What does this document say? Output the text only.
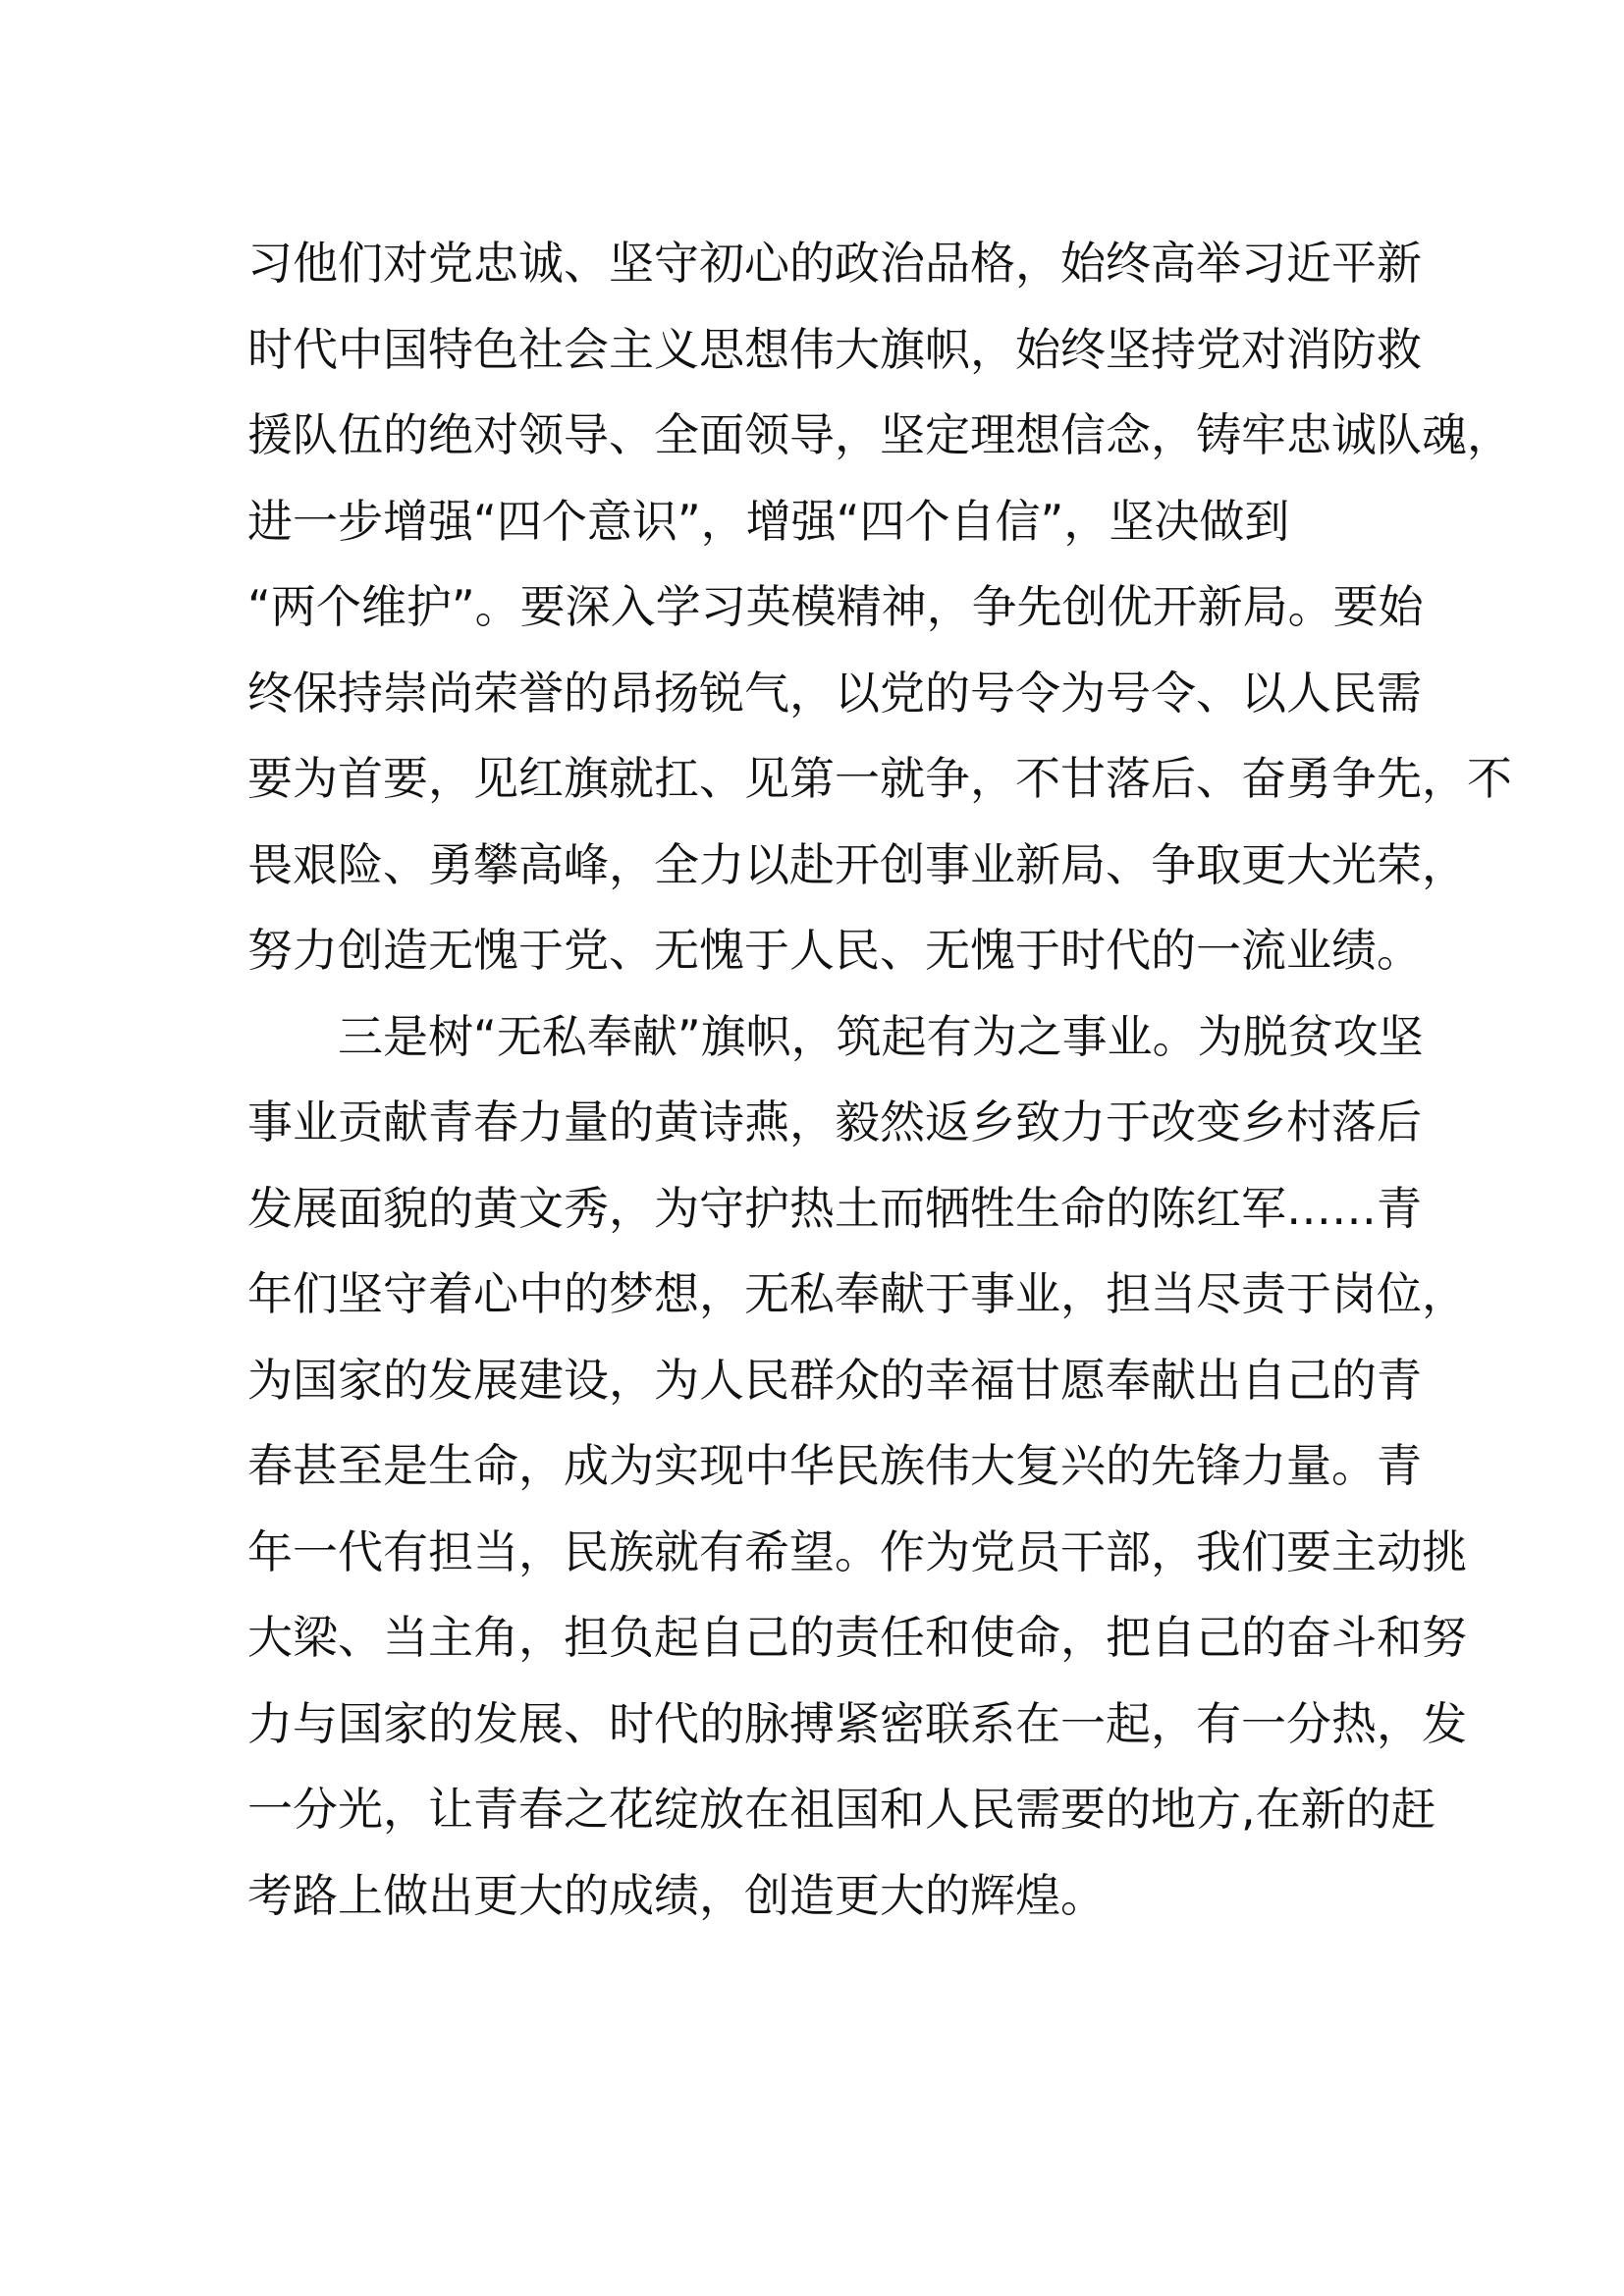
习他们对党忠诚、坚守初心的政治品格，始终高举习近平新
时代中国特色社会主义思想伟大旗帜，始终坚持党对消防救
援队伍的绝对领导、全面领导，坚定理想信念，铸牢忠诚队魂，
进一步增强“四个意识”，增强“四个自信”，坚决做到
“两个维护”。要深入学习英模精神，争先创优开新局。要始
终保持崇尚荣誉的昂扬锐气，以党的号令为号令、以人民需
要为首要，见红旗就扛、见第一就争，不甘落后、奋勇争先，不
畏艰险、勇攀高峰，全力以赴开创事业新局、争取更大光荣，
努力创造无愧于党、无愧于人民、无愧于时代的一流业绩。
三是树“无私奉献”旗帜，筑起有为之事业。为脱贫攻坚
事业贡献青春力量的黄诗燕，毅然返乡致力于改变乡村落后
发展面貌的黄文秀，为守护热土而牺牲生命的陈红军……青
年们坚守着心中的梦想，无私奉献于事业，担当尽责于岗位，
为国家的发展建设，为人民群众的幸福甘愿奉献出自己的青
春甚至是生命，成为实现中华民族伟大复兴的先锋力量。青
年一代有担当，民族就有希望。作为党员干部，我们要主动挑
大梁、当主角，担负起自己的责任和使命，把自己的奋斗和努
力与国家的发展、时代的脉搏紧密联系在一起，有一分热，发
一分光，让青春之花绽放在祖国和人民需要的地方,在新的赶
考路上做出更大的成绩，创造更大的辉煌。
